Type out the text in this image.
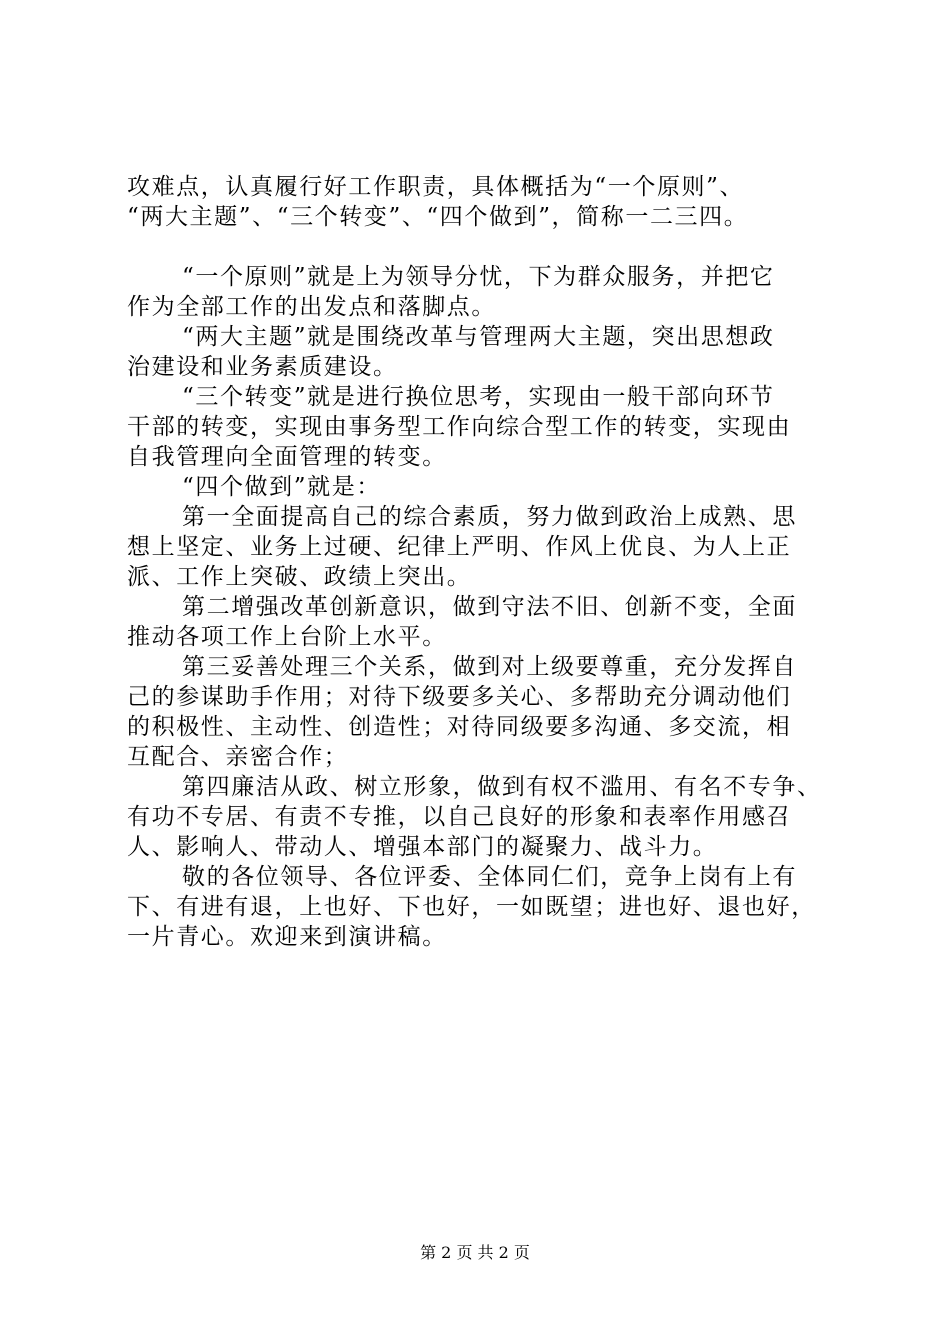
攻难点，认真履行好工作职责，具体概括为“一个原则”、
“两大主题”、“三个转变”、“四个做到”，简称一二三四。
“一个原则”就是上为领导分忧，下为群众服务，并把它
作为全部工作的出发点和落脚点。
“两大主题”就是围绕改革与管理两大主题，突出思想政
治建设和业务素质建设。
“三个转变”就是进行换位思考，实现由一般干部向环节
干部的转变，实现由事务型工作向综合型工作的转变，实现由
自我管理向全面管理的转变。
“四个做到”就是：
第一全面提高自己的综合素质，努力做到政治上成熟、思
想上坚定、业务上过硬、纪律上严明、作风上优良、为人上正
派、工作上突破、政绩上突出。
第二增强改革创新意识，做到守法不旧、创新不变，全面
推动各项工作上台阶上水平。
第三妥善处理三个关系，做到对上级要尊重，充分发挥自
己的参谋助手作用；对待下级要多关心、多帮助充分调动他们
的积极性、主动性、创造性；对待同级要多沟通、多交流，相
互配合、亲密合作；
第四廉洁从政、树立形象，做到有权不滥用、有名不专争、
有功不专居、有责不专推，以自己良好的形象和表率作用感召
人、影响人、带动人、增强本部门的凝聚力、战斗力。
敬的各位领导、各位评委、全体同仁们，竞争上岗有上有
下、有进有退，上也好、下也好，一如既望；进也好、退也好，
一片青心。欢迎来到演讲稿。
第 2 页 共 2 页
